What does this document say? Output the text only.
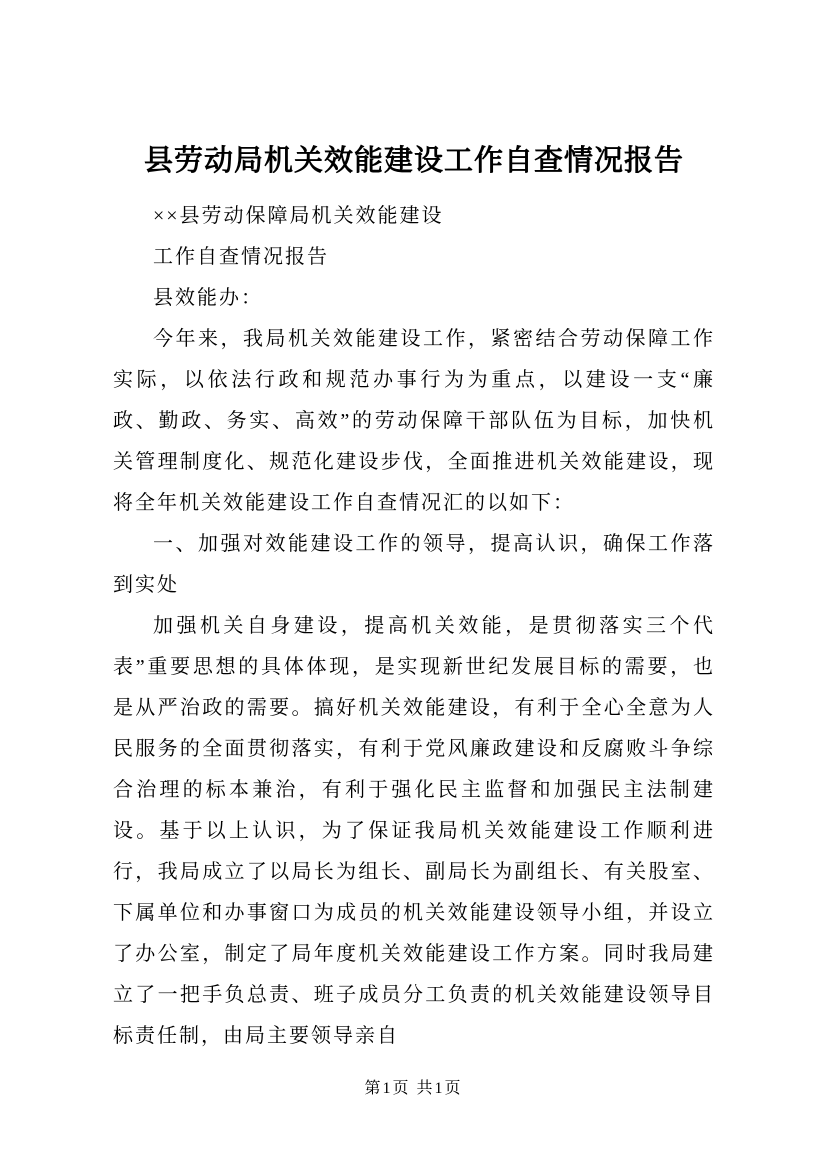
县劳动局机关效能建设工作自查情况报告

××县劳动保障局机关效能建设

工作自查情况报告

县效能办：

今年来，我局机关效能建设工作，紧密结合劳动保障工作实际，以依法行政和规范办事行为为重点，以建设一支“廉政、勤政、务实、高效”的劳动保障干部队伍为目标，加快机关管理制度化、规范化建设步伐，全面推进机关效能建设，现将全年机关效能建设工作自查情况汇的以如下：

一、加强对效能建设工作的领导，提高认识，确保工作落到实处

加强机关自身建设，提高机关效能，是贯彻落实三个代表”重要思想的具体体现，是实现新世纪发展目标的需要，也是从严治政的需要。搞好机关效能建设，有利于全心全意为人民服务的全面贯彻落实，有利于党风廉政建设和反腐败斗争综合治理的标本兼治，有利于强化民主监督和加强民主法制建设。基于以上认识，为了保证我局机关效能建设工作顺利进行，我局成立了以局长为组长、副局长为副组长、有关股室、下属单位和办事窗口为成员的机关效能建设领导小组，并设立了办公室，制定了局年度机关效能建设工作方案。同时我局建立了一把手负总责、班子成员分工负责的机关效能建设领导目标责任制，由局主要领导亲自

第1页 共1页
